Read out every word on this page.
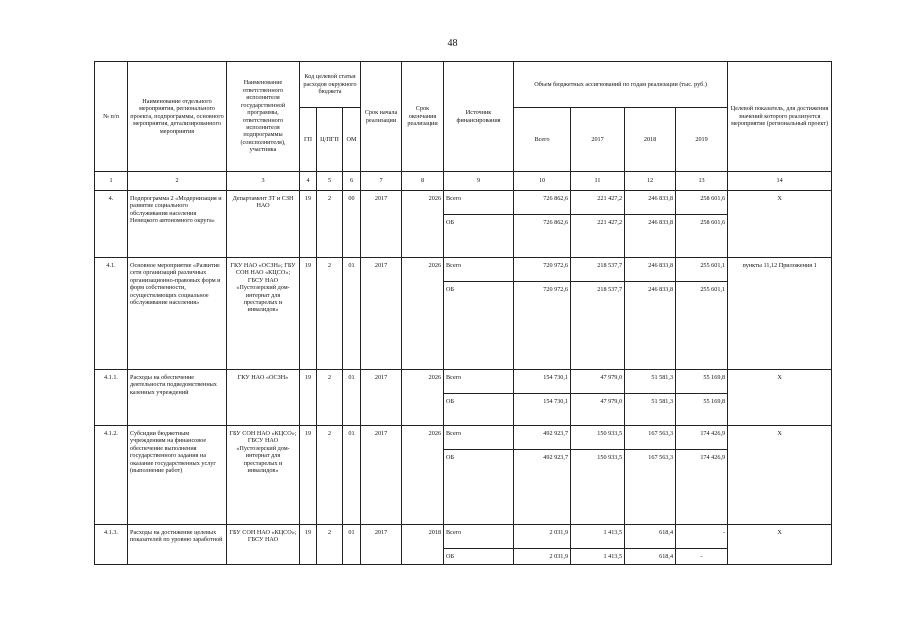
48
№ п/п	Наименование отдельного мероприятия, регионального проекта, подпрограммы, основного мероприятия, детализированного мероприятия	Наименование ответственного исполнителя государственной программы, ответственного исполнителя подпрограммы (соисполнителя), участника	Код целевой статьи расходов окружного бюджета			Срок начала реализации	Срок окончания реализации	Источник финансирования	Объем бюджетных ассигнований по годам реализации (тыс. руб.)				Целевой показатель, для достижения значений которого реализуется мероприятие (региональный проект)
			ГП	Ц/ПГП	ОМ				Всего	2017	2018	2019	
1	2	3	4	5	6	7	8	9	10	11	12	13	14
4.	Подпрограмма 2 «Модернизация и развитие социального обслуживания населения Ненецкого автономного округа»	Департамент ЗТ и СЗН НАО	19	2	00	2017	2026	Всего	726 862,6	221 427,2	246 833,8	258 601,6	X
								ОБ	726 862,6	221 427,2	246 833,8	258 601,6	
4.1.	Основное мероприятие «Развитие сети организаций различных организационно-правовых форм и форм собственности, осуществляющих социальное обслуживание населения»	ГКУ НАО «ОСЗН»; ГБУ СОН НАО «КЦСО»; ГБСУ НАО «Пустозерский дом-интернат для престарелых и инвалидов»	19	2	01	2017	2026	Всего	720 972,6	218 537,7	246 833,8	255 601,1	пункты 11,12 Приложения 1
								ОБ	720 972,6	218 537,7	246 833,8	255 601,1	
4.1.1.	Расходы на обеспечение деятельности подведомственных казенных учреждений	ГКУ НАО «ОСЗН»	19	2	01	2017	2026	Всего	154 730,1	47 979,0	51 581,3	55 169,8	X
								ОБ	154 730,1	47 979,0	51 581,3	55 169,8	
4.1.2.	Субсидии бюджетным учреждениям на финансовое обеспечение выполнения государственного задания на оказание государственных услуг (выполнение работ)	ГБУ СОН НАО «КЦСО»; ГБСУ НАО «Пустозерский дом-интернат для престарелых и инвалидов»	19	2	01	2017	2026	Всего	492 923,7	150 933,5	167 563,3	174 426,9	X
								ОБ	492 923,7	150 933,5	167 563,3	174 426,9	
4.1.3.	Расходы на достижение целевых показателей по уровню заработной	ГБУ СОН НАО «КЦСО»; ГБСУ НАО	19	2	01	2017	2018	Всего	2 031,9	1 413,5	618,4	-	X
								ОБ	2 031,9	1 413,5	618,4	-	
